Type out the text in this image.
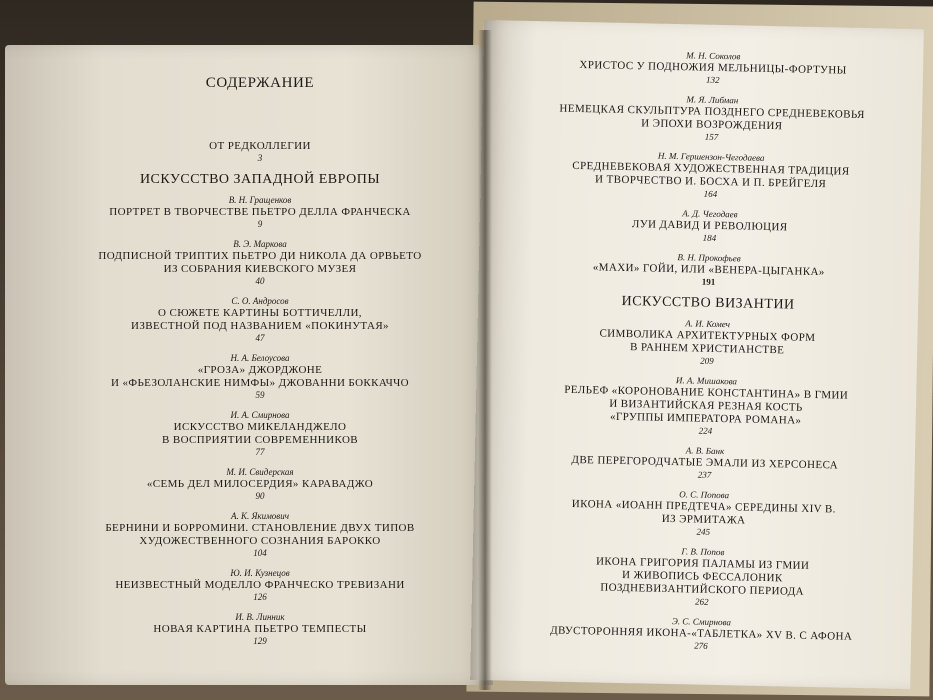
СОДЕРЖАНИЕ

ОТ РЕДКОЛЛЕГИИ

3

ИСКУССТВО ЗАПАДНОЙ ЕВРОПЫ

В. Н. Гращенков

ПОРТРЕТ В ТВОРЧЕСТВЕ ПЬЕТРО ДЕЛЛА ФРАНЧЕСКА

9

В. Э. Маркова

ПОДПИСНОЙ ТРИПТИХ ПЬЕТРО ДИ НИКОЛА ДА ОРВЬЕТО
ИЗ СОБРАНИЯ КИЕВСКОГО МУЗЕЯ

40

С. О. Андросов

О СЮЖЕТЕ КАРТИНЫ БОТТИЧЕЛЛИ,
ИЗВЕСТНОЙ ПОД НАЗВАНИЕМ «ПОКИНУТАЯ»

47

Н. А. Белоусова

«ГРОЗА» ДЖОРДЖОНЕ
И «ФЬЕЗОЛАНСКИЕ НИМФЫ» ДЖОВАННИ БОККАЧЧО

59

И. А. Смирнова

ИСКУССТВО МИКЕЛАНДЖЕЛО
В ВОСПРИЯТИИ СОВРЕМЕННИКОВ

77

М. И. Свидерская

«СЕМЬ ДЕЛ МИЛОСЕРДИЯ» КАРАВАДЖО

90

А. К. Якимович

БЕРНИНИ И БОРРОМИНИ. СТАНОВЛЕНИЕ ДВУХ ТИПОВ
ХУДОЖЕСТВЕННОГО СОЗНАНИЯ БАРОККО

104

Ю. И. Кузнецов

НЕИЗВЕСТНЫЙ МОДЕЛЛО ФРАНЧЕСКО ТРЕВИЗАНИ

126

И. В. Линник

НОВАЯ КАРТИНА ПЬЕТРО ТЕМПЕСТЫ

129

М. Н. Соколов

ХРИСТОС У ПОДНОЖИЯ МЕЛЬНИЦЫ-ФОРТУНЫ

132

М. Я. Либман

НЕМЕЦКАЯ СКУЛЬПТУРА ПОЗДНЕГО СРЕДНЕВЕКОВЬЯ
И ЭПОХИ ВОЗРОЖДЕНИЯ

157

Н. М. Гершензон-Чегодаева

СРЕДНЕВЕКОВАЯ ХУДОЖЕСТВЕННАЯ ТРАДИЦИЯ
И ТВОРЧЕСТВО И. БОСХА И П. БРЕЙГЕЛЯ

164

А. Д. Чегодаев

ЛУИ ДАВИД И РЕВОЛЮЦИЯ

184

В. Н. Прокофьев

«МАХИ» ГОЙИ, ИЛИ «ВЕНЕРА-ЦЫГАНКА»

191

ИСКУССТВО ВИЗАНТИИ

А. И. Комеч

СИМВОЛИКА АРХИТЕКТУРНЫХ ФОРМ
В РАННЕМ ХРИСТИАНСТВЕ

209

И. А. Мишакова

РЕЛЬЕФ «КОРОНОВАНИЕ КОНСТАНТИНА» В ГМИИ
И ВИЗАНТИЙСКАЯ РЕЗНАЯ КОСТЬ
«ГРУППЫ ИМПЕРАТОРА РОМАНА»

224

А. В. Банк

ДВЕ ПЕРЕГОРОДЧАТЫЕ ЭМАЛИ ИЗ ХЕРСОНЕСА

237

О. С. Попова

ИКОНА «ИОАНН ПРЕДТЕЧА» СЕРЕДИНЫ XIV В.
ИЗ ЭРМИТАЖА

245

Г. В. Попов

ИКОНА ГРИГОРИЯ ПАЛАМЫ ИЗ ГМИИ
И ЖИВОПИСЬ ФЕССАЛОНИК
ПОЗДНЕВИЗАНТИЙСКОГО ПЕРИОДА

262

Э. С. Смирнова

ДВУСТОРОННЯЯ ИКОНА-«ТАБЛЕТКА» XV В. С АФОНА

276
